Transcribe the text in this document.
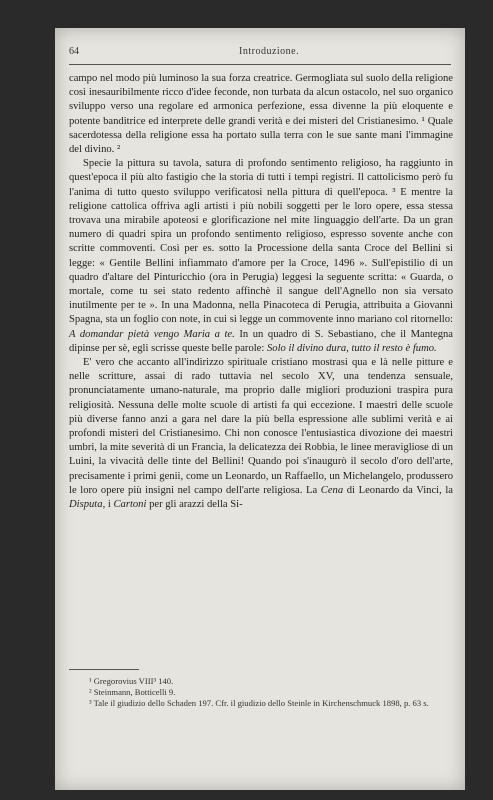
64	Introduzione.

campo nel modo più luminoso la sua forza creatrice. Germogliata sul suolo della religione così inesauribilmente ricco d'idee feconde, non turbata da alcun ostacolo, nel suo organico sviluppo verso una regolare ed armonica perfezione, essa divenne la più eloquente e potente banditrice ed interprete delle grandi verità e dei misteri del Cristianesimo. ¹ Quale sacerdotessa della religione essa ha portato sulla terra con le sue sante mani l'immagine del divino. ²

Specie la pittura su tavola, satura di profondo sentimento religioso, ha raggiunto in quest'epoca il più alto fastigio che la storia di tutti i tempi registri. Il cattolicismo però fu l'anima di tutto questo sviluppo verificatosi nella pittura di quell'epoca. ³ E mentre la religione cattolica offriva agli artisti i più nobili soggetti per le loro opere, essa stessa trovava una mirabile apoteosi e glorificazione nel mite linguaggio dell'arte. Da un gran numero di quadri spira un profondo sentimento religioso, espresso sovente anche con scritte commoventi. Così per es. sotto la Processione della santa Croce del Bellini si legge: « Gentile Bellini infiammato d'amore per la Croce, 1496 ». Sull'epistilio di un quadro d'altare del Pinturicchio (ora in Perugia) leggesi la seguente scritta: « Guarda, o mortale, come tu sei stato redento affinchè il sangue dell'Agnello non sia versato inutilmente per te ». In una Madonna, nella Pinacoteca di Perugia, attribuita a Giovanni Spagna, sta un foglio con note, in cui si legge un commovente inno mariano col ritornello: A domandar pietà vengo Maria a te. In un quadro di S. Sebastiano, che il Mantegna dipinse per sè, egli scrisse queste belle parole: Solo il divino dura, tutto il resto è fumo.

E' vero che accanto all'indirizzo spirituale cristiano mostrasi qua e là nelle pitture e nelle scritture, assai di rado tuttavia nel secolo XV, una tendenza sensuale, pronunciatamente umano-naturale, ma proprio dalle migliori produzioni traspira pura religiosità. Nessuna delle molte scuole di artisti fa qui eccezione. I maestri delle scuole più diverse fanno anzi a gara nel dare la più bella espressione alle sublimi verità e ai profondi misteri del Cristianesimo. Chi non conosce l'entusiastica divozione dei maestri umbri, la mite severità di un Francia, la delicatezza dei Robbia, le linee meravigliose di un Luini, la vivacità delle tinte del Bellini! Quando poi s'inaugurò il secolo d'oro dell'arte, precisamente i primi genii, come un Leonardo, un Raffaello, un Michelangelo, produssero le loro opere più insigni nel campo dell'arte religiosa. La Cena di Leonardo da Vinci, la Disputa, i Cartoni per gli arazzi della Si-

¹ Gregorovius VIII³ 140.
² Steinmann, Botticelli 9.
³ Tale il giudizio dello Schaden 197. Cfr. il giudizio dello Steinle in Kirchenschmuck 1898, p. 63 s.
